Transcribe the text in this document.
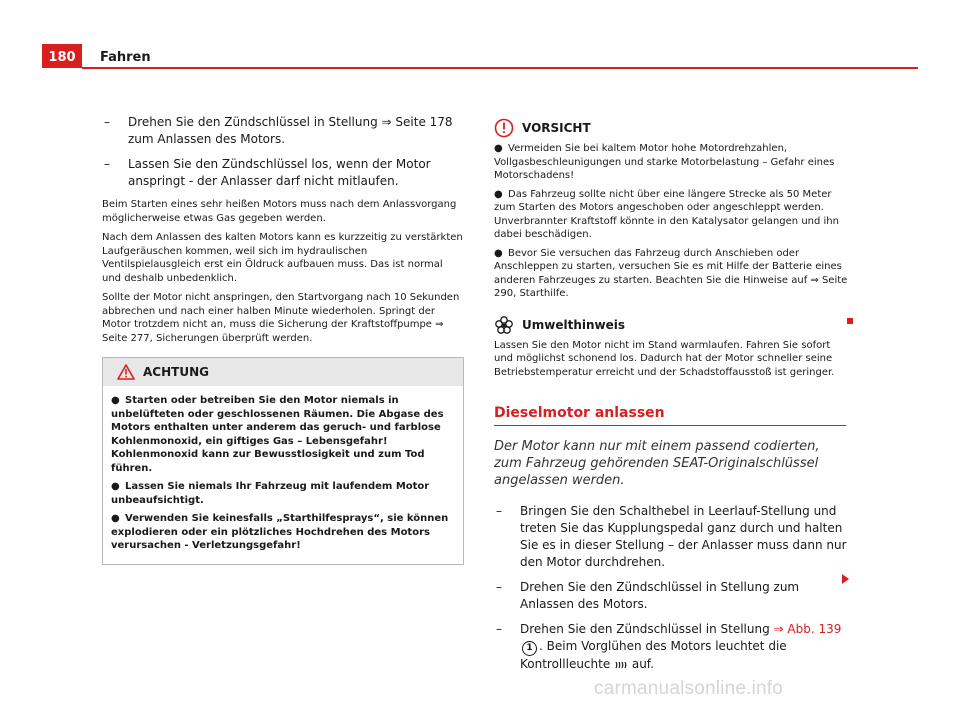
180	Fahren
–	Drehen Sie den Zündschlüssel in Stellung ⇒ Seite 178 zum Anlassen des Motors.
–	Lassen Sie den Zündschlüssel los, wenn der Motor anspringt - der Anlasser darf nicht mitlaufen.

Beim Starten eines sehr heißen Motors muss nach dem Anlassvorgang möglicherweise etwas Gas gegeben werden.

Nach dem Anlassen des kalten Motors kann es kurzzeitig zu verstärkten Laufgeräuschen kommen, weil sich im hydraulischen Ventilspielausgleich erst ein Öldruck aufbauen muss. Das ist normal und deshalb unbedenklich.

Sollte der Motor nicht anspringen, den Startvorgang nach 10 Sekunden abbrechen und nach einer halben Minute wiederholen. Springt der Motor trotzdem nicht an, muss die Sicherung der Kraftstoffpumpe ⇒ Seite 277, Sicherungen überprüft werden.

ACHTUNG
● Starten oder betreiben Sie den Motor niemals in unbelüfteten oder geschlossenen Räumen. Die Abgase des Motors enthalten unter anderem das geruch- und farblose Kohlenmonoxid, ein giftiges Gas – Lebensgefahr! Kohlenmonoxid kann zur Bewusstlosigkeit und zum Tod führen.
● Lassen Sie niemals Ihr Fahrzeug mit laufendem Motor unbeaufsichtigt.
● Verwenden Sie keinesfalls „Starthilfesprays“, sie können explodieren oder ein plötzliches Hochdrehen des Motors verursachen - Verletzungsgefahr!
VORSICHT
● Vermeiden Sie bei kaltem Motor hohe Motordrehzahlen, Vollgasbeschleunigungen und starke Motorbelastung – Gefahr eines Motorschadens!
● Das Fahrzeug sollte nicht über eine längere Strecke als 50 Meter zum Starten des Motors angeschoben oder angeschleppt werden. Unverbrannter Kraftstoff könnte in den Katalysator gelangen und ihn dabei beschädigen.
● Bevor Sie versuchen das Fahrzeug durch Anschieben oder Anschleppen zu starten, versuchen Sie es mit Hilfe der Batterie eines anderen Fahrzeuges zu starten. Beachten Sie die Hinweise auf ⇒ Seite 290, Starthilfe.
Umwelthinweis
Lassen Sie den Motor nicht im Stand warmlaufen. Fahren Sie sofort und möglichst schonend los. Dadurch hat der Motor schneller seine Betriebstemperatur erreicht und der Schadstoffausstoß ist geringer.
Dieselmotor anlassen
Der Motor kann nur mit einem passend codierten, zum Fahrzeug gehörenden SEAT-Originalschlüssel angelassen werden.
–	Bringen Sie den Schalthebel in Leerlauf-Stellung und treten Sie das Kupplungspedal ganz durch und halten Sie es in dieser Stellung – der Anlasser muss dann nur den Motor durchdrehen.
–	Drehen Sie den Zündschlüssel in Stellung zum Anlassen des Motors.
–	Drehen Sie den Zündschlüssel in Stellung ⇒ Abb. 139 1 . Beim Vorglühen des Motors leuchtet die Kontrollleuchte
auf.
carmanualsonline.info
